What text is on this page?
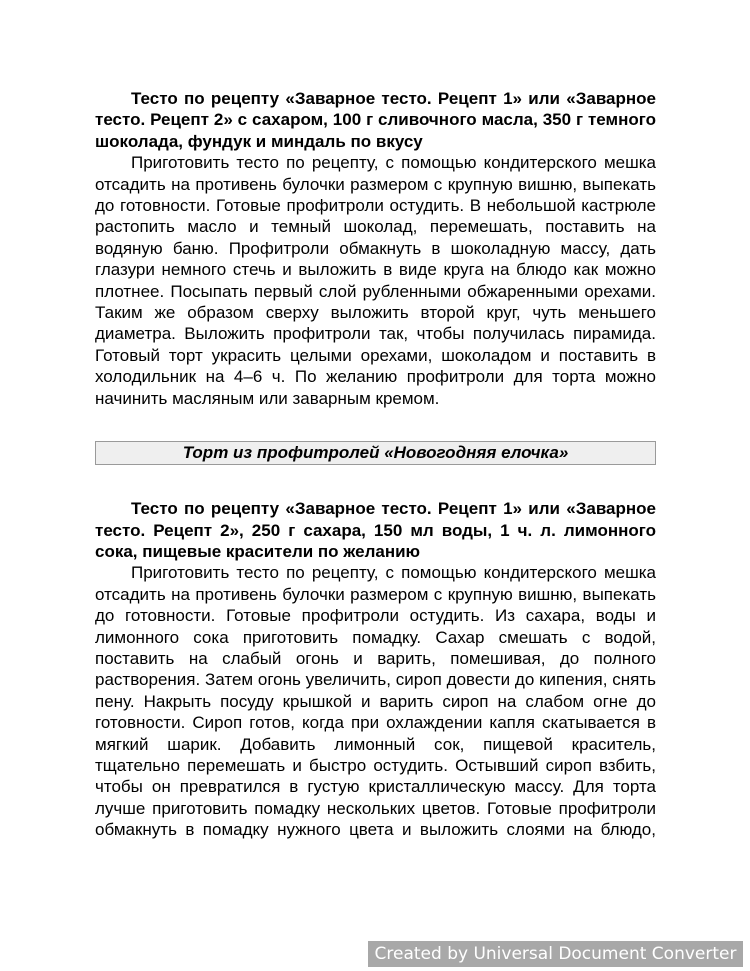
Тесто по рецепту «Заварное тесто. Рецепт 1» или «Заварное тесто. Рецепт 2» с сахаром, 100 г сливочного масла, 350 г темного шоколада, фундук и миндаль по вкусу

Приготовить тесто по рецепту, с помощью кондитерского мешка отсадить на противень булочки размером с крупную вишню, выпекать до готовности. Готовые профитроли остудить. В небольшой кастрюле растопить масло и темный шоколад, перемешать, поставить на водяную баню. Профитроли обмакнуть в шоколадную массу, дать глазури немного стечь и выложить в виде круга на блюдо как можно плотнее. Посыпать первый слой рубленными обжаренными орехами. Таким же образом сверху выложить второй круг, чуть меньшего диаметра. Выложить профитроли так, чтобы получилась пирамида. Готовый торт украсить целыми орехами, шоколадом и поставить в холодильник на 4–6 ч. По желанию профитроли для торта можно начинить масляным или заварным кремом.

Торт из профитролей «Новогодняя елочка»

Тесто по рецепту «Заварное тесто. Рецепт 1» или «Заварное тесто. Рецепт 2», 250 г сахара, 150 мл воды, 1 ч. л. лимонного сока, пищевые красители по желанию

Приготовить тесто по рецепту, с помощью кондитерского мешка отсадить на противень булочки размером с крупную вишню, выпекать до готовности. Готовые профитроли остудить. Из сахара, воды и лимонного сока приготовить помадку. Сахар смешать с водой, поставить на слабый огонь и варить, помешивая, до полного растворения. Затем огонь увеличить, сироп довести до кипения, снять пену. Накрыть посуду крышкой и варить сироп на слабом огне до готовности. Сироп готов, когда при охлаждении капля скатывается в мягкий шарик. Добавить лимонный сок, пищевой краситель, тщательно перемешать и быстро остудить. Остывший сироп взбить, чтобы он превратился в густую кристаллическую массу. Для торта лучше приготовить помадку нескольких цветов. Готовые профитроли обмакнуть в помадку нужного цвета и выложить слоями на блюдо,

Created by Universal Document Converter
